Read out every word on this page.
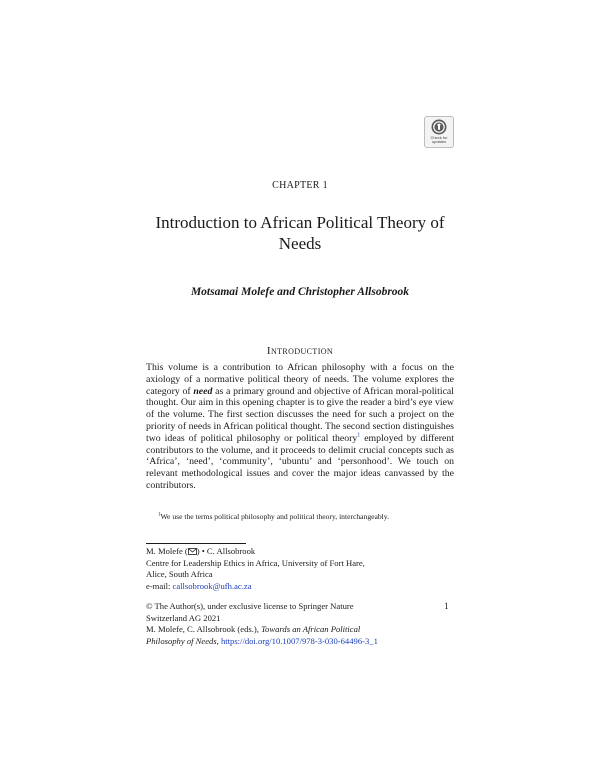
Check for
updates
CHAPTER 1
Introduction to African Political Theory of Needs
Motsamai Molefe and Christopher Allsobrook
Introduction
This volume is a contribution to African philosophy with a focus on the axiology of a normative political theory of needs. The volume explores the category of need as a primary ground and objective of African moral-political thought. Our aim in this opening chapter is to give the reader a bird’s eye view of the volume. The first section discusses the need for such a project on the priority of needs in African political thought. The second section distinguishes two ideas of political philosophy or political theory$^1$ employed by different contributors to the volume, and it proceeds to delimit crucial concepts such as ‘Africa’, ‘need’, ‘community’, ‘ubuntu’ and ‘personhood’. We touch on relevant methodological issues and cover the major ideas canvassed by the contributors.
$^1$We use the terms political philosophy and political theory, interchangeably.
M. Molefe ( ) • C. Allsobrook
Centre for Leadership Ethics in Africa, University of Fort Hare,
Alice, South Africa
e-mail: callsobrook@ufh.ac.za
© The Author(s), under exclusive license to Springer Nature
Switzerland AG 2021
M. Molefe, C. Allsobrook (eds.), Towards an African Political
Philosophy of Needs, https://doi.org/10.1007/978-3-030-64496-3_1
1
